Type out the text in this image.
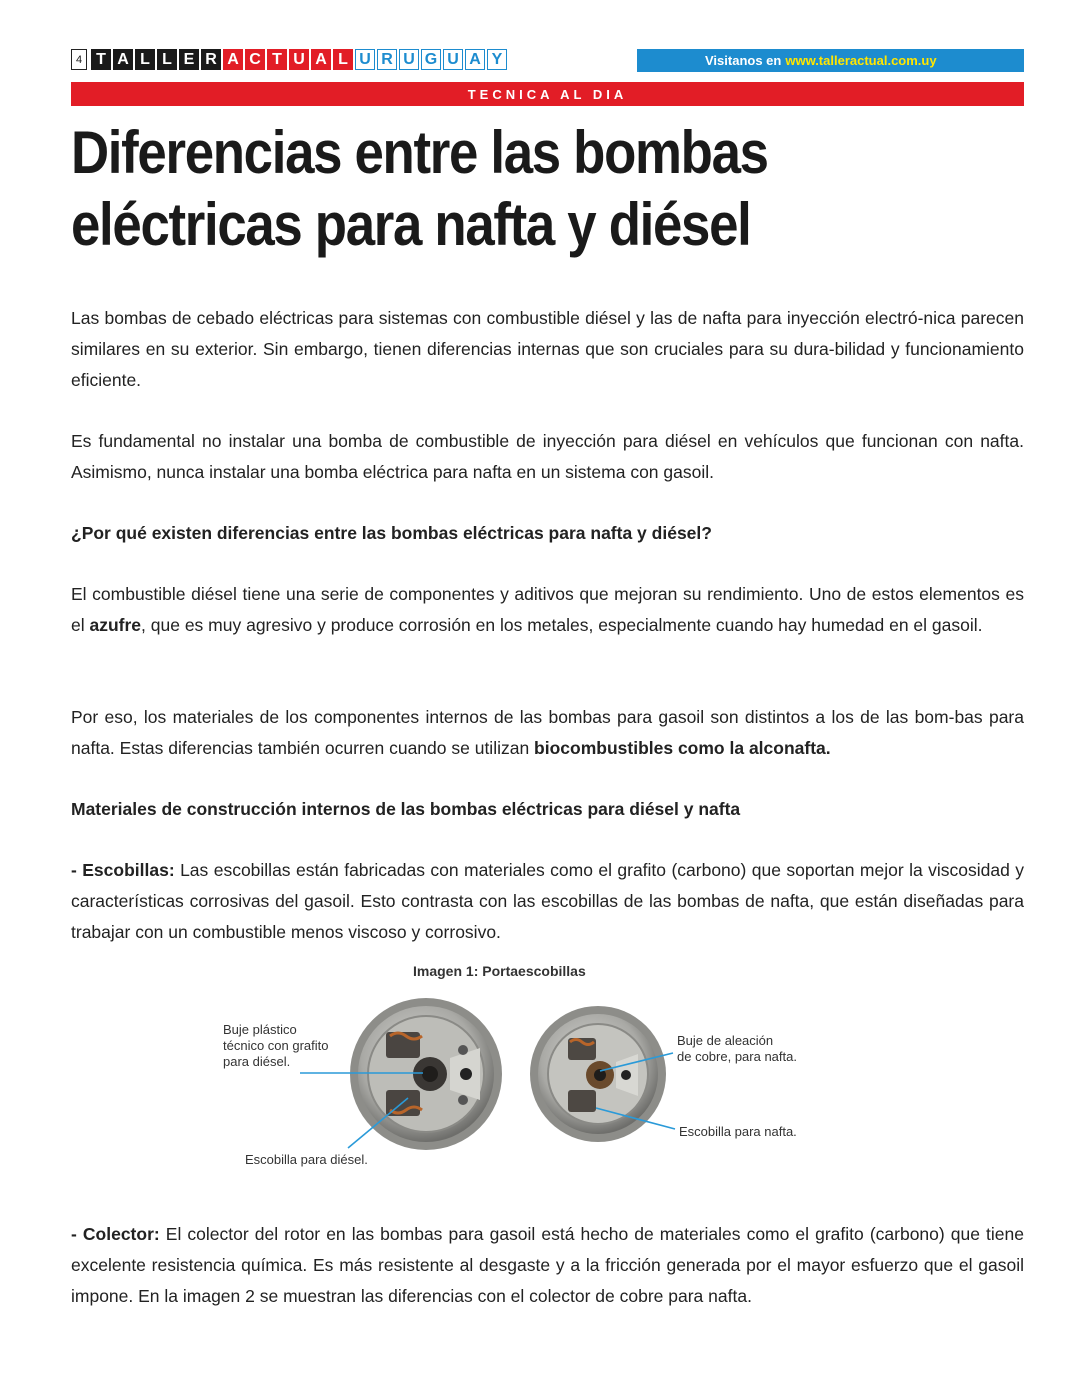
4 T A L L E R A C T U A L U R U G U A Y	Visitanos en www.talleractual.com.uy
TECNICA AL DIA
Diferencias entre las bombas
eléctricas para nafta y diésel

Las bombas de cebado eléctricas para sistemas con combustible diésel y las de nafta para inyección electró-nica parecen similares en su exterior. Sin embargo, tienen diferencias internas que son cruciales para su dura-bilidad y funcionamiento eficiente.

Es fundamental no instalar una bomba de combustible de inyección para diésel en vehículos que funcionan con nafta. Asimismo, nunca instalar una bomba eléctrica para nafta en un sistema con gasoil.

¿Por qué existen diferencias entre las bombas eléctricas para nafta y diésel?

El combustible diésel tiene una serie de componentes y aditivos que mejoran su rendimiento. Uno de estos elementos es el azufre, que es muy agresivo y produce corrosión en los metales, especialmente cuando hay humedad en el gasoil.

Por eso, los materiales de los componentes internos de las bombas para gasoil son distintos a los de las bom-bas para nafta. Estas diferencias también ocurren cuando se utilizan biocombustibles como la alconafta.

Materiales de construcción internos de las bombas eléctricas para diésel y nafta

- Escobillas: Las escobillas están fabricadas con materiales como el grafito (carbono) que soportan mejor la viscosidad y características corrosivas del gasoil. Esto contrasta con las escobillas de las bombas de nafta, que están diseñadas para trabajar con un combustible menos viscoso y corrosivo.

Imagen 1: Portaescobillas
Buje plástico
técnico con grafito
para diésel.
Escobilla para diésel.
Buje de aleación
de cobre, para nafta.
Escobilla para nafta.

- Colector: El colector del rotor en las bombas para gasoil está hecho de materiales como el grafito (carbono) que tiene excelente resistencia química. Es más resistente al desgaste y a la fricción generada por el mayor esfuerzo que el gasoil impone. En la imagen 2 se muestran las diferencias con el colector de cobre para nafta.
